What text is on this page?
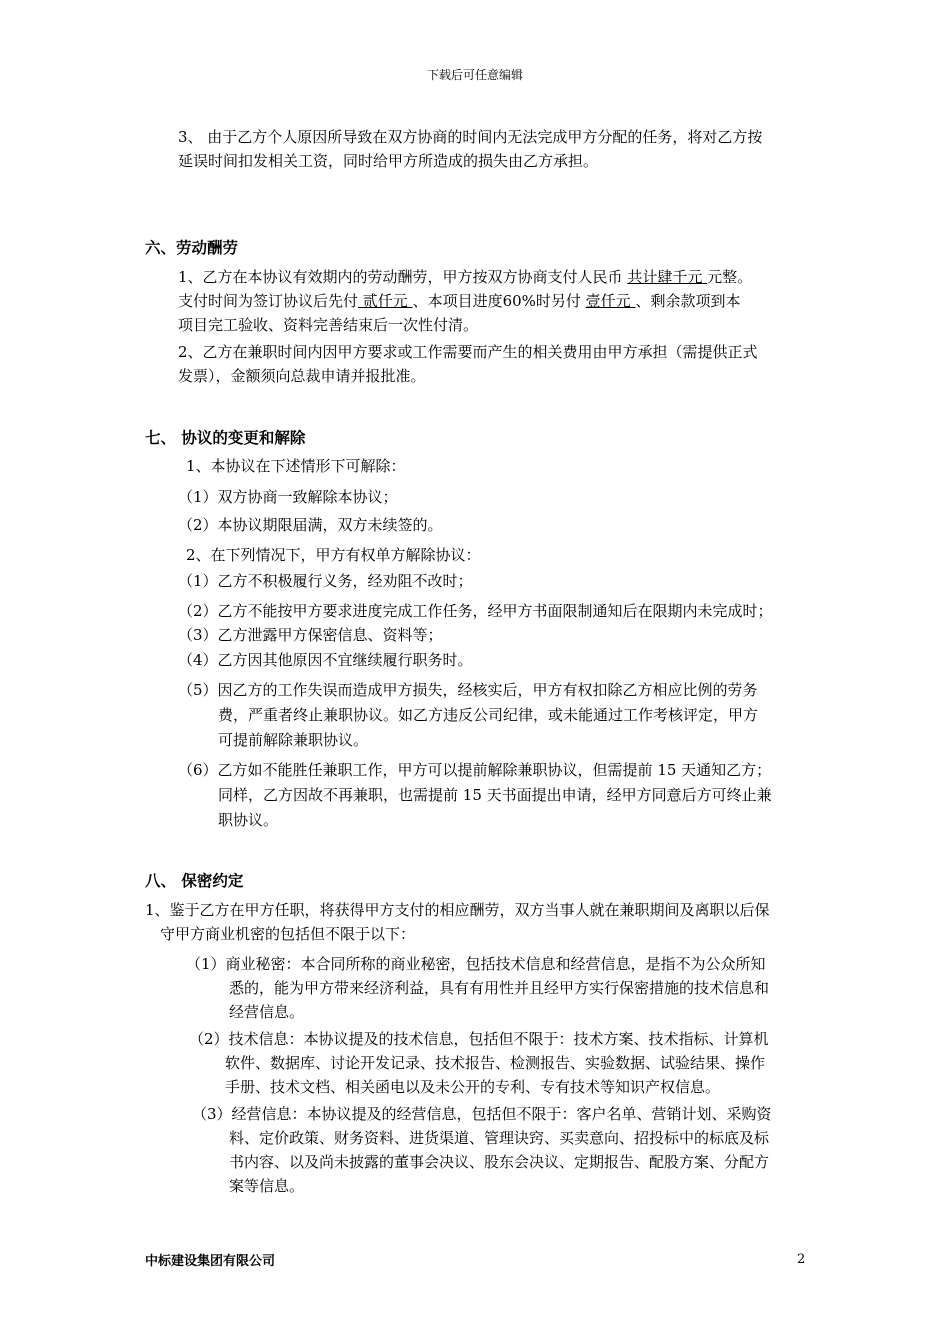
下载后可任意编辑
3、 由于乙方个人原因所导致在双方协商的时间内无法完成甲方分配的任务，将对乙方按
延误时间扣发相关工资，同时给甲方所造成的损失由乙方承担。
六、劳动酬劳
1、乙方在本协议有效期内的劳动酬劳，甲方按双方协商支付人民币 共计肆千元 元整。
支付时间为签订协议后先付 贰仟元 、本项目进度60%时另付 壹仟元 、剩余款项到本
项目完工验收、资料完善结束后一次性付清。
2、乙方在兼职时间内因甲方要求或工作需要而产生的相关费用由甲方承担（需提供正式
发票），金额须向总裁申请并报批准。
七、 协议的变更和解除
1、本协议在下述情形下可解除：
（1）双方协商一致解除本协议；
（2）本协议期限届满，双方未续签的。
2、在下列情况下，甲方有权单方解除协议：
（1）乙方不积极履行义务，经劝阻不改时；
（2）乙方不能按甲方要求进度完成工作任务，经甲方书面限制通知后在限期内未完成时；
（3）乙方泄露甲方保密信息、资料等；
（4）乙方因其他原因不宜继续履行职务时。
（5）因乙方的工作失误而造成甲方损失，经核实后，甲方有权扣除乙方相应比例的劳务
费，严重者终止兼职协议。如乙方违反公司纪律，或未能通过工作考核评定，甲方
可提前解除兼职协议。
（6）乙方如不能胜任兼职工作，甲方可以提前解除兼职协议，但需提前 15 天通知乙方；
同样，乙方因故不再兼职，也需提前 15 天书面提出申请，经甲方同意后方可终止兼
职协议。
八、 保密约定
1、鉴于乙方在甲方任职，将获得甲方支付的相应酬劳，双方当事人就在兼职期间及离职以后保
守甲方商业机密的包括但不限于以下：
（1）商业秘密：本合同所称的商业秘密，包括技术信息和经营信息，是指不为公众所知
悉的，能为甲方带来经济利益，具有有用性并且经甲方实行保密措施的技术信息和
经营信息。
（2）技术信息：本协议提及的技术信息，包括但不限于：技术方案、技术指标、计算机
软件、数据库、讨论开发记录、技术报告、检测报告、实验数据、试验结果、操作
手册、技术文档、相关函电以及未公开的专利、专有技术等知识产权信息。
（3）经营信息：本协议提及的经营信息，包括但不限于：客户名单、营销计划、采购资
料、定价政策、财务资料、进货渠道、管理诀窍、买卖意向、招投标中的标底及标
书内容、以及尚未披露的董事会决议、股东会决议、定期报告、配股方案、分配方
案等信息。
中标建设集团有限公司	2
